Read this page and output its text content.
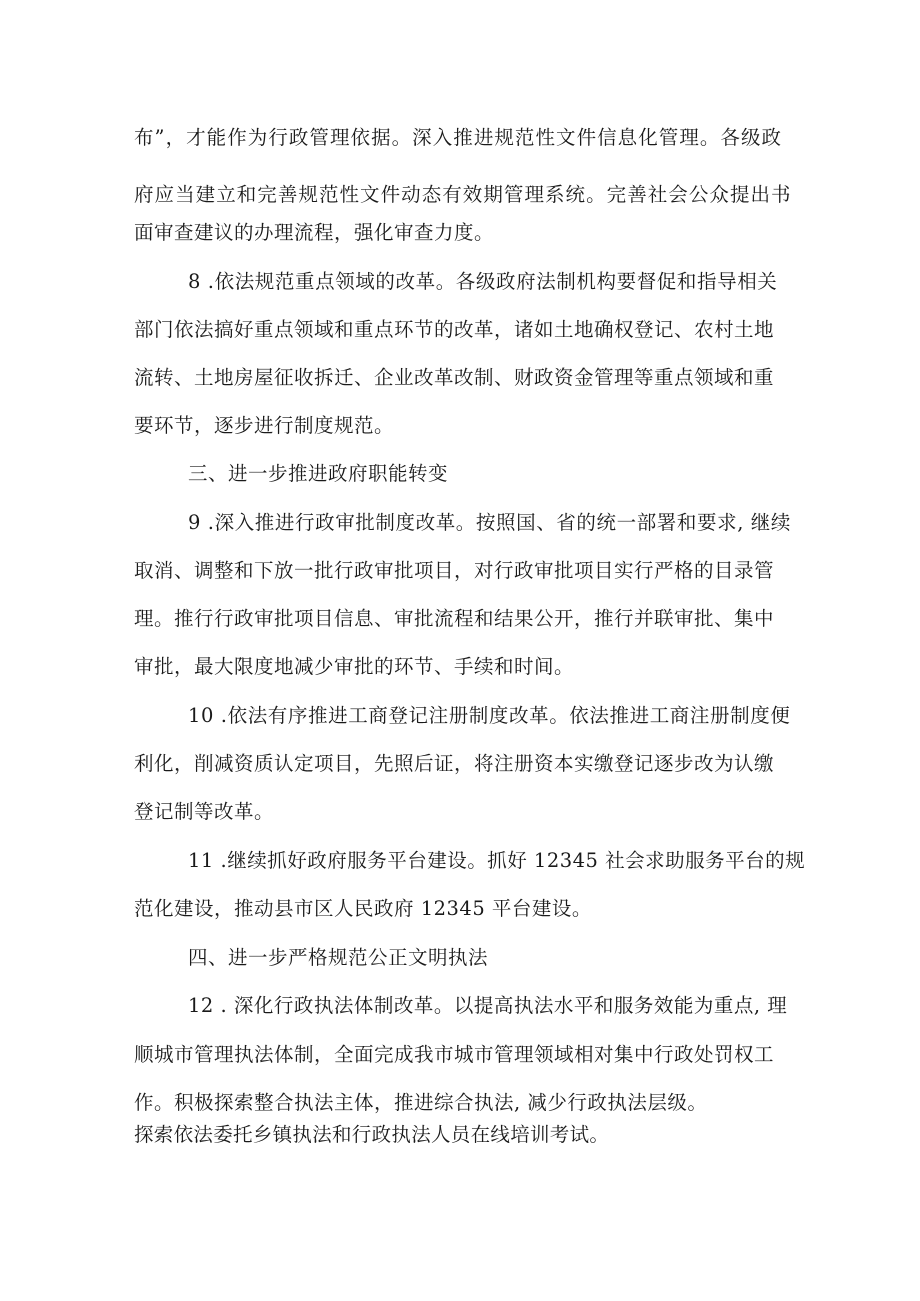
布”，才能作为行政管理依据。深入推进规范性文件信息化管理。各级政
府应当建立和完善规范性文件动态有效期管理系统。完善社会公众提出书
面审查建议的办理流程，强化审查力度。
8 .依法规范重点领域的改革。各级政府法制机构要督促和指导相关
部门依法搞好重点领域和重点环节的改革，诸如土地确权登记、农村土地
流转、土地房屋征收拆迁、企业改革改制、财政资金管理等重点领域和重
要环节，逐步进行制度规范。
三、进一步推进政府职能转变
9 .深入推进行政审批制度改革。按照国、省的统一部署和要求, 继续
取消、调整和下放一批行政审批项目，对行政审批项目实行严格的目录管
理。推行行政审批项目信息、审批流程和结果公开，推行并联审批、集中
审批，最大限度地减少审批的环节、手续和时间。
10 .依法有序推进工商登记注册制度改革。依法推进工商注册制度便
利化，削减资质认定项目，先照后证，将注册资本实缴登记逐步改为认缴
登记制等改革。
11 .继续抓好政府服务平台建设。抓好 12345 社会求助服务平台的规
范化建设，推动县市区人民政府 12345 平台建设。
四、进一步严格规范公正文明执法
12 . 深化行政执法体制改革。以提高执法水平和服务效能为重点, 理
顺城市管理执法体制，全面完成我市城市管理领域相对集中行政处罚权工
作。积极探索整合执法主体，推进综合执法, 减少行政执法层级。
探索依法委托乡镇执法和行政执法人员在线培训考试。
